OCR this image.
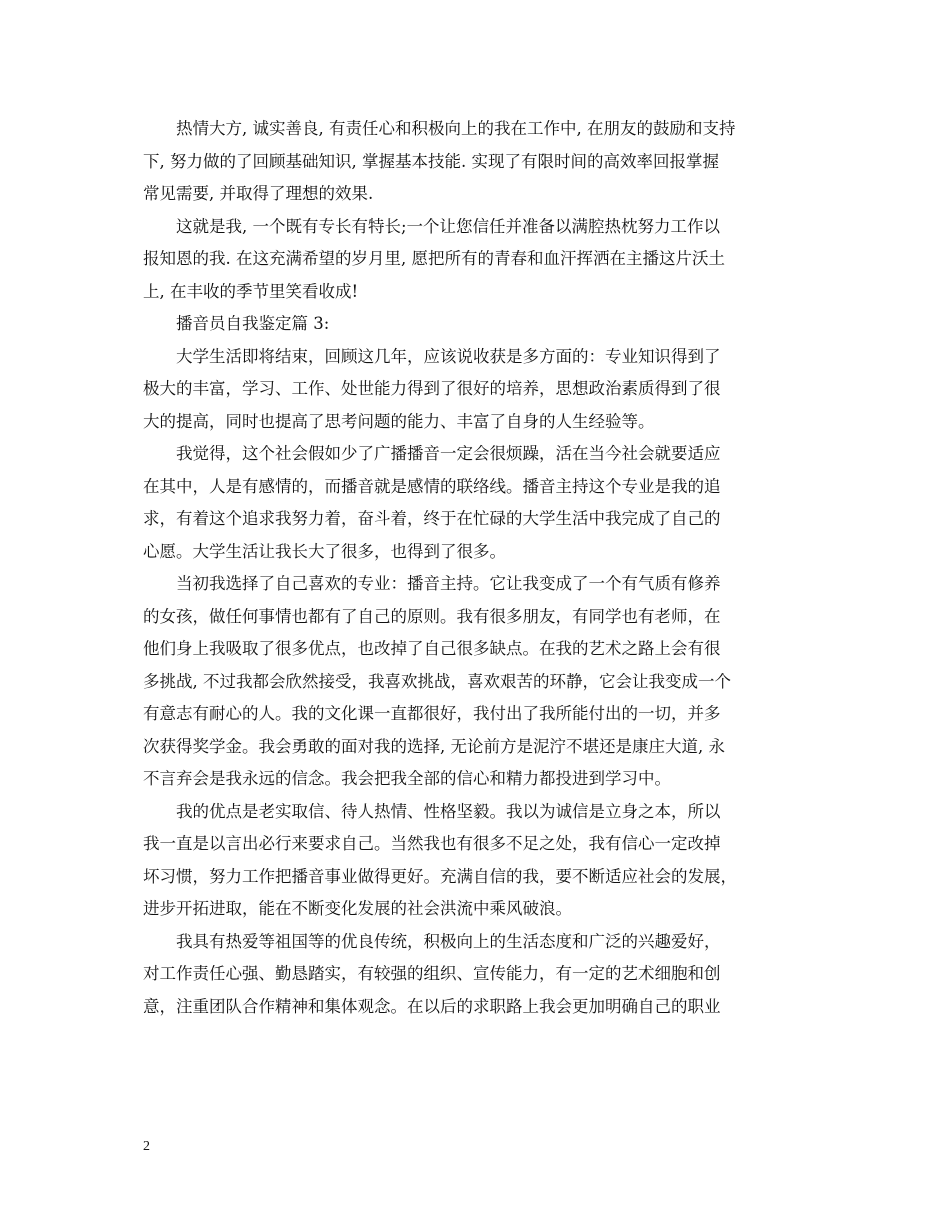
　　热情大方, 诚实善良, 有责任心和积极向上的我在工作中, 在朋友的鼓励和支持
下, 努力做的了回顾基础知识, 掌握基本技能. 实现了有限时间的高效率回报掌握
常见需要, 并取得了理想的效果.
　　这就是我, 一个既有专长有特长;一个让您信任并准备以满腔热枕努力工作以
报知恩的我. 在这充满希望的岁月里, 愿把所有的青春和血汗挥洒在主播这片沃土
上, 在丰收的季节里笑看收成!
　　播音员自我鉴定篇 3:
　　大学生活即将结束，回顾这几年，应该说收获是多方面的：专业知识得到了
极大的丰富，学习、工作、处世能力得到了很好的培养，思想政治素质得到了很
大的提高，同时也提高了思考问题的能力、丰富了自身的人生经验等。
　　我觉得，这个社会假如少了广播播音一定会很烦躁，活在当今社会就要适应
在其中，人是有感情的，而播音就是感情的联络线。播音主持这个专业是我的追
求，有着这个追求我努力着，奋斗着，终于在忙碌的大学生活中我完成了自己的
心愿。大学生活让我长大了很多，也得到了很多。
　　当初我选择了自己喜欢的专业：播音主持。它让我变成了一个有气质有修养
的女孩，做任何事情也都有了自己的原则。我有很多朋友，有同学也有老师，在
他们身上我吸取了很多优点，也改掉了自己很多缺点。在我的艺术之路上会有很
多挑战, 不过我都会欣然接受，我喜欢挑战，喜欢艰苦的环静，它会让我变成一个
有意志有耐心的人。我的文化课一直都很好，我付出了我所能付出的一切，并多
次获得奖学金。我会勇敢的面对我的选择, 无论前方是泥泞不堪还是康庄大道, 永
不言弃会是我永远的信念。我会把我全部的信心和精力都投进到学习中。
　　我的优点是老实取信、待人热情、性格坚毅。我以为诚信是立身之本，所以
我一直是以言出必行来要求自己。当然我也有很多不足之处，我有信心一定改掉
坏习惯，努力工作把播音事业做得更好。充满自信的我，要不断适应社会的发展，
进步开拓进取，能在不断变化发展的社会洪流中乘风破浪。
　　我具有热爱等祖国等的优良传统，积极向上的生活态度和广泛的兴趣爱好，
对工作责任心强、勤恳踏实，有较强的组织、宣传能力，有一定的艺术细胞和创
意，注重团队合作精神和集体观念。在以后的求职路上我会更加明确自己的职业
2
